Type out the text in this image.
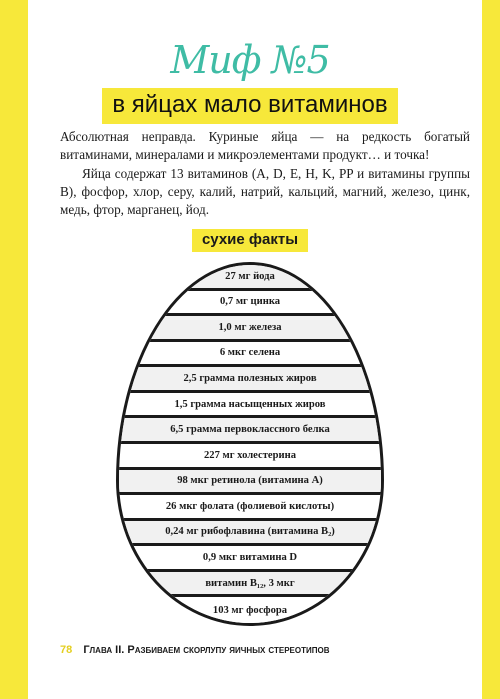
Миф №5
в яйцах мало витаминов

Абсолютная неправда. Куриные яйца — на редкость богатый витаминами, минералами и микроэлементами продукт… и точка!

Яйца содержат 13 витаминов (A, D, E, H, K, PP и витамины группы B), фосфор, хлор, серу, калий, натрий, кальций, магний, железо, цинк, медь, фтор, марганец, йод.

сухие факты
27 мг йода
0,7 мг цинка
1,0 мг железа
6 мкг селена
2,5 грамма полезных жиров
1,5 грамма насыщенных жиров
6,5 грамма первоклассного белка
227 мг холестерина
98 мкг ретинола (витамина A)
26 мкг фолата (фолиевой кислоты)
0,24 мг рибофлавина (витамина B₂)
0,9 мкг витамина D
витамин B₁₂, 3 мкг
103 мг фосфора
78 Глава II. Разбиваем скорлупу яичных стереотипов
